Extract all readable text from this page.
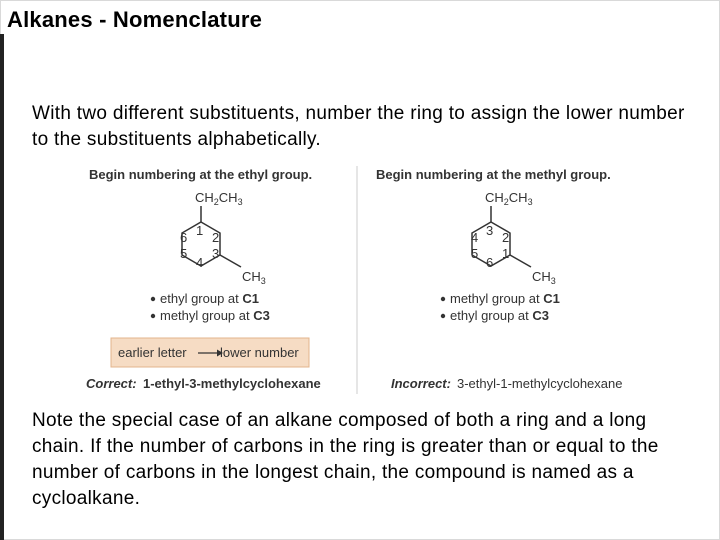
Alkanes - Nomenclature
With two different substituents, number the ring to assign the lower number to the substituents alphabetically.
Begin numbering at the ethyl group.
$CH_2CH_3$
$CH_3$
1 2
3
4
5
6
ethyl group at C1
methyl group at C3
earlier letter	lower number
Correct: 1-ethyl-3-methylcyclohexane
Begin numbering at the methyl group.
$CH_2CH_3$
$CH_3$
1
2
3
4
5
6
methyl group at C1
ethyl group at C3
Incorrect: 3-ethyl-1-methylcyclohexane
Note the special case of an alkane composed of both a ring and a long chain. If the number of carbons in the ring is greater than or equal to the number of carbons in the longest chain, the compound is named as a cycloalkane.
